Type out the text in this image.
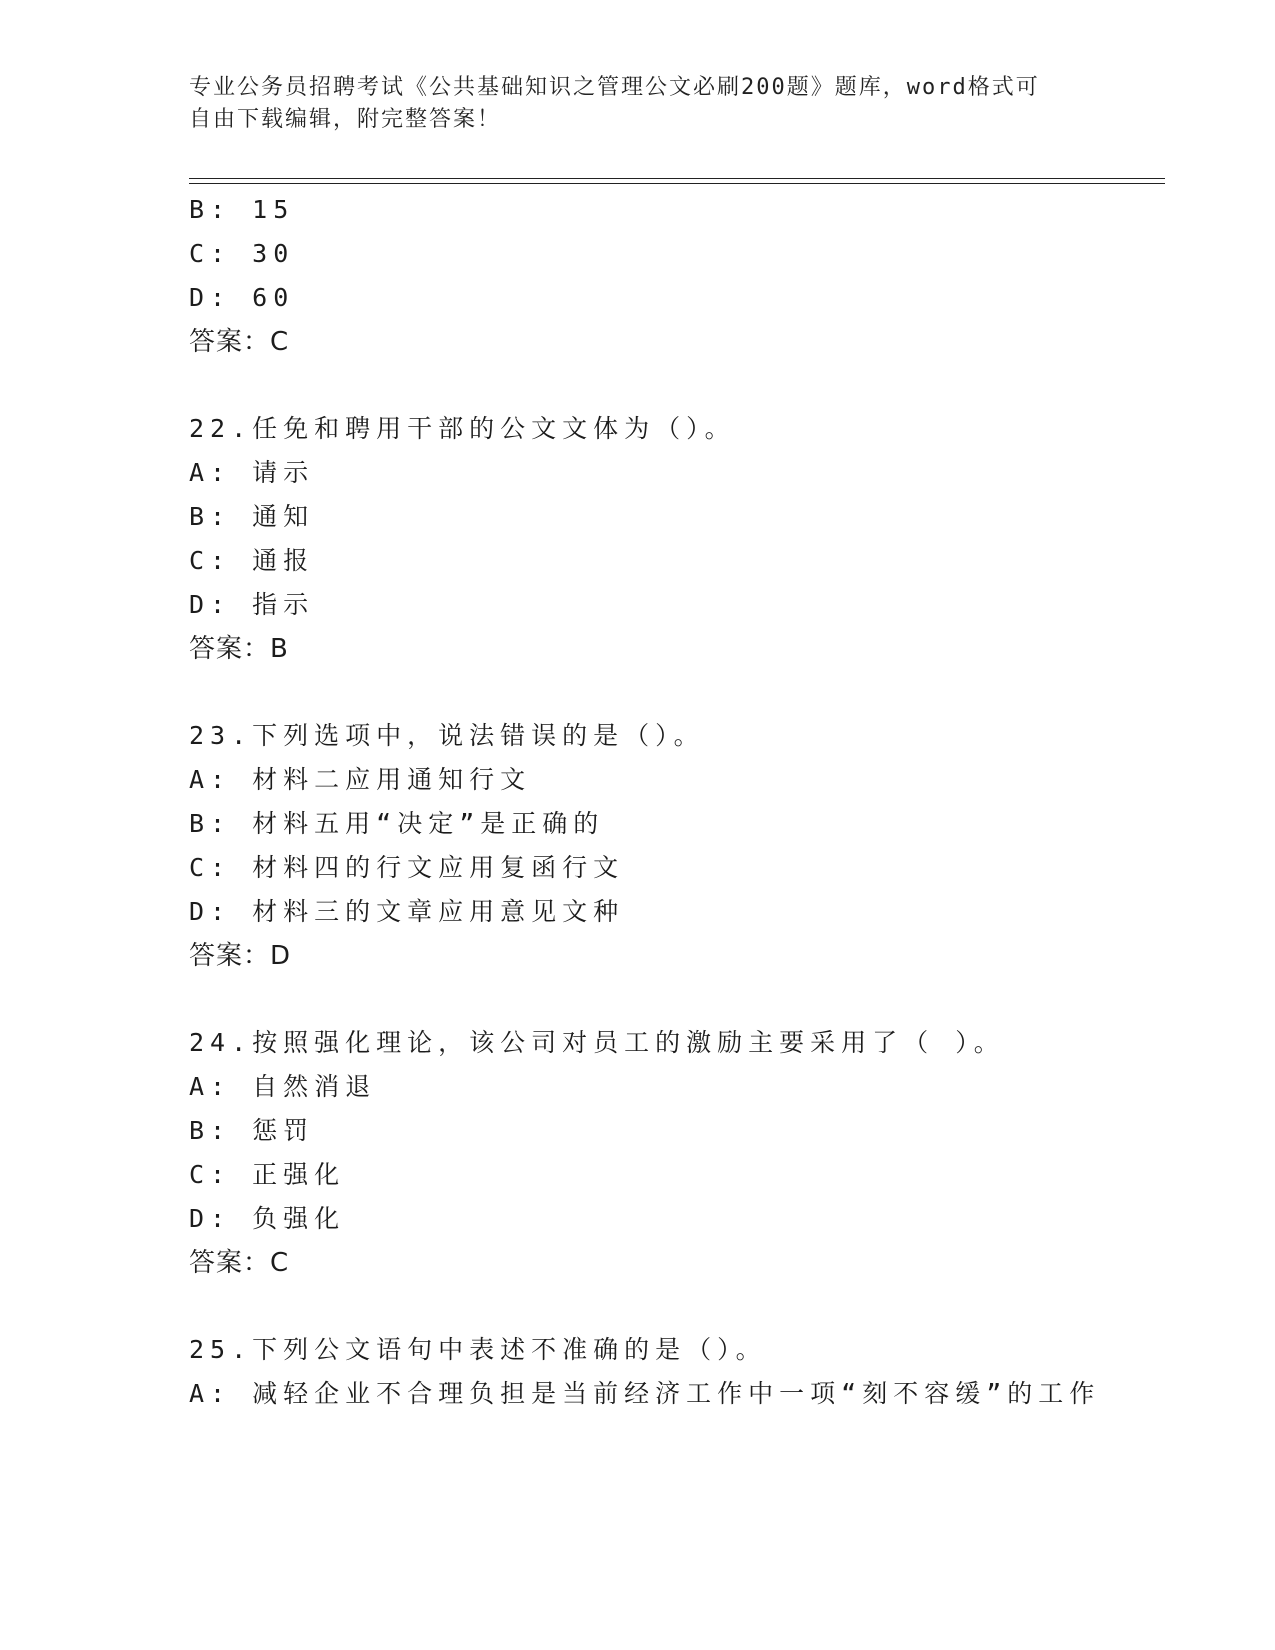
专业公务员招聘考试《公共基础知识之管理公文必刷200题》题库，word格式可
自由下载编辑，附完整答案！
B: 15
C: 30
D: 60
答案：C
22.任免和聘用干部的公文文体为（）。
A: 请示
B: 通知
C: 通报
D: 指示
答案：B
23.下列选项中，说法错误的是（）。
A: 材料二应用通知行文
B: 材料五用“决定”是正确的
C: 材料四的行文应用复函行文
D: 材料三的文章应用意见文种
答案：D
24.按照强化理论，该公司对员工的激励主要采用了（ ）。
A: 自然消退
B: 惩罚
C: 正强化
D: 负强化
答案：C
25.下列公文语句中表述不准确的是（）。
A: 减轻企业不合理负担是当前经济工作中一项“刻不容缓”的工作
